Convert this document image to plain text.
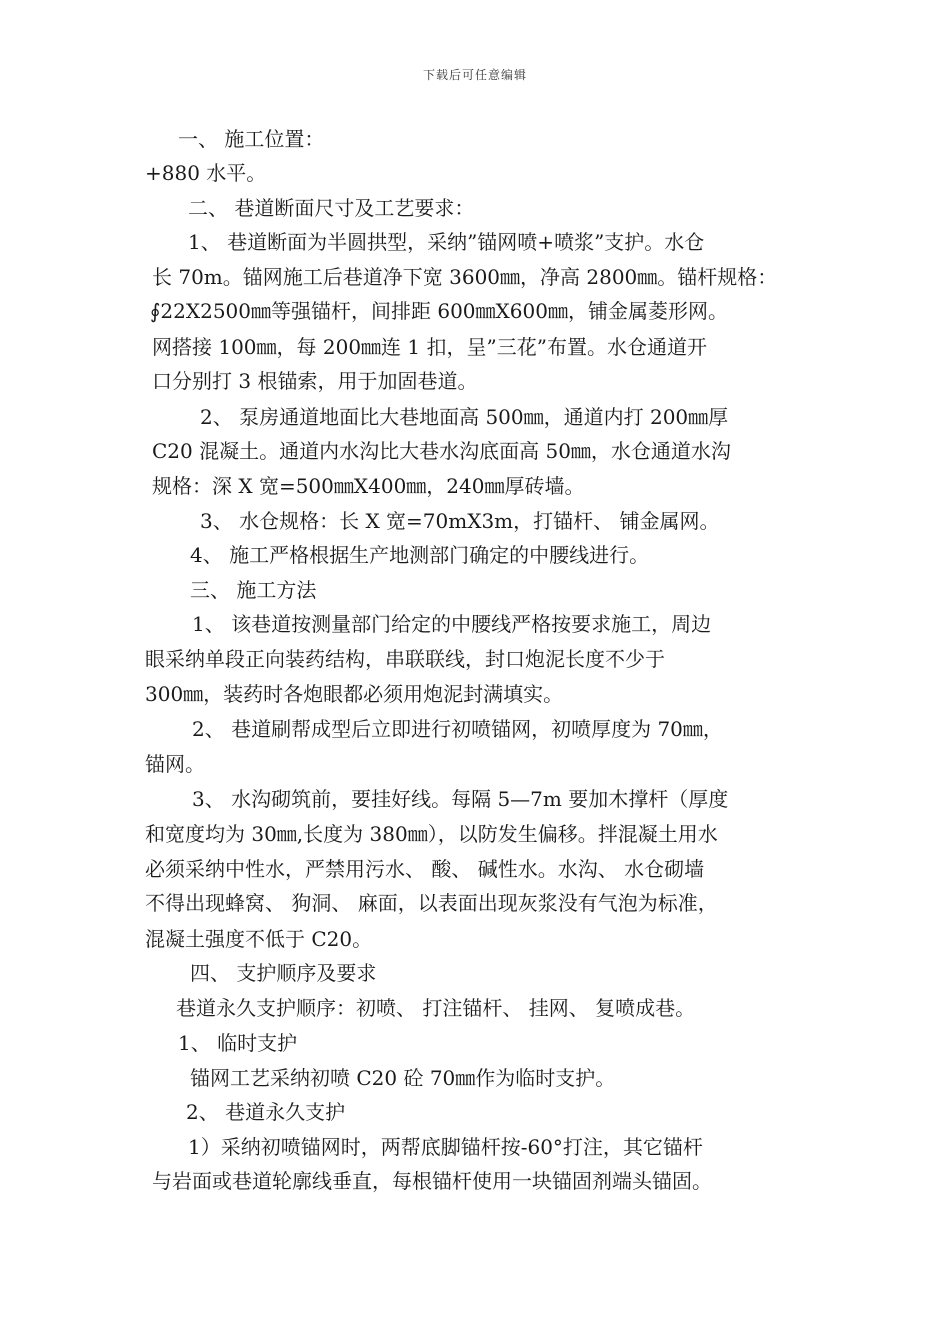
下载后可任意编辑
一、 施工位置：
+880 水平。
二、 巷道断面尺寸及工艺要求：
1、 巷道断面为半圆拱型，采纳”锚网喷+喷浆”支护。水仓
长 70m。锚网施工后巷道净下宽 3600㎜，净高 2800㎜。锚杆规格：
∮22X2500㎜等强锚杆，间排距 600㎜X600㎜，铺金属菱形网。
网搭接 100㎜，每 200㎜连 1 扣，呈”三花”布置。水仓通道开
口分别打 3 根锚索，用于加固巷道。
2、 泵房通道地面比大巷地面高 500㎜，通道内打 200㎜厚
C20 混凝土。通道内水沟比大巷水沟底面高 50㎜，水仓通道水沟
规格：深 X 宽=500㎜X400㎜，240㎜厚砖墙。
3、 水仓规格：长 X 宽=70mX3m，打锚杆、 铺金属网。
4、 施工严格根据生产地测部门确定的中腰线进行。
三、 施工方法
1、 该巷道按测量部门给定的中腰线严格按要求施工，周边
眼采纳单段正向装药结构，串联联线，封口炮泥长度不少于
300㎜，装药时各炮眼都必须用炮泥封满填实。
2、 巷道刷帮成型后立即进行初喷锚网，初喷厚度为 70㎜，
锚网。
3、 水沟砌筑前，要挂好线。每隔 5—7m 要加木撑杆（厚度
和宽度均为 30㎜,长度为 380㎜），以防发生偏移。拌混凝土用水
必须采纳中性水，严禁用污水、 酸、 碱性水。水沟、 水仓砌墙
不得出现蜂窝、 狗洞、 麻面，以表面出现灰浆没有气泡为标准，
混凝土强度不低于 C20。
四、 支护顺序及要求
巷道永久支护顺序：初喷、 打注锚杆、 挂网、 复喷成巷。
1、 临时支护
锚网工艺采纳初喷 C20 砼 70㎜作为临时支护。
2、 巷道永久支护
1）采纳初喷锚网时，两帮底脚锚杆按-60°打注，其它锚杆
与岩面或巷道轮廓线垂直，每根锚杆使用一块锚固剂端头锚固。
